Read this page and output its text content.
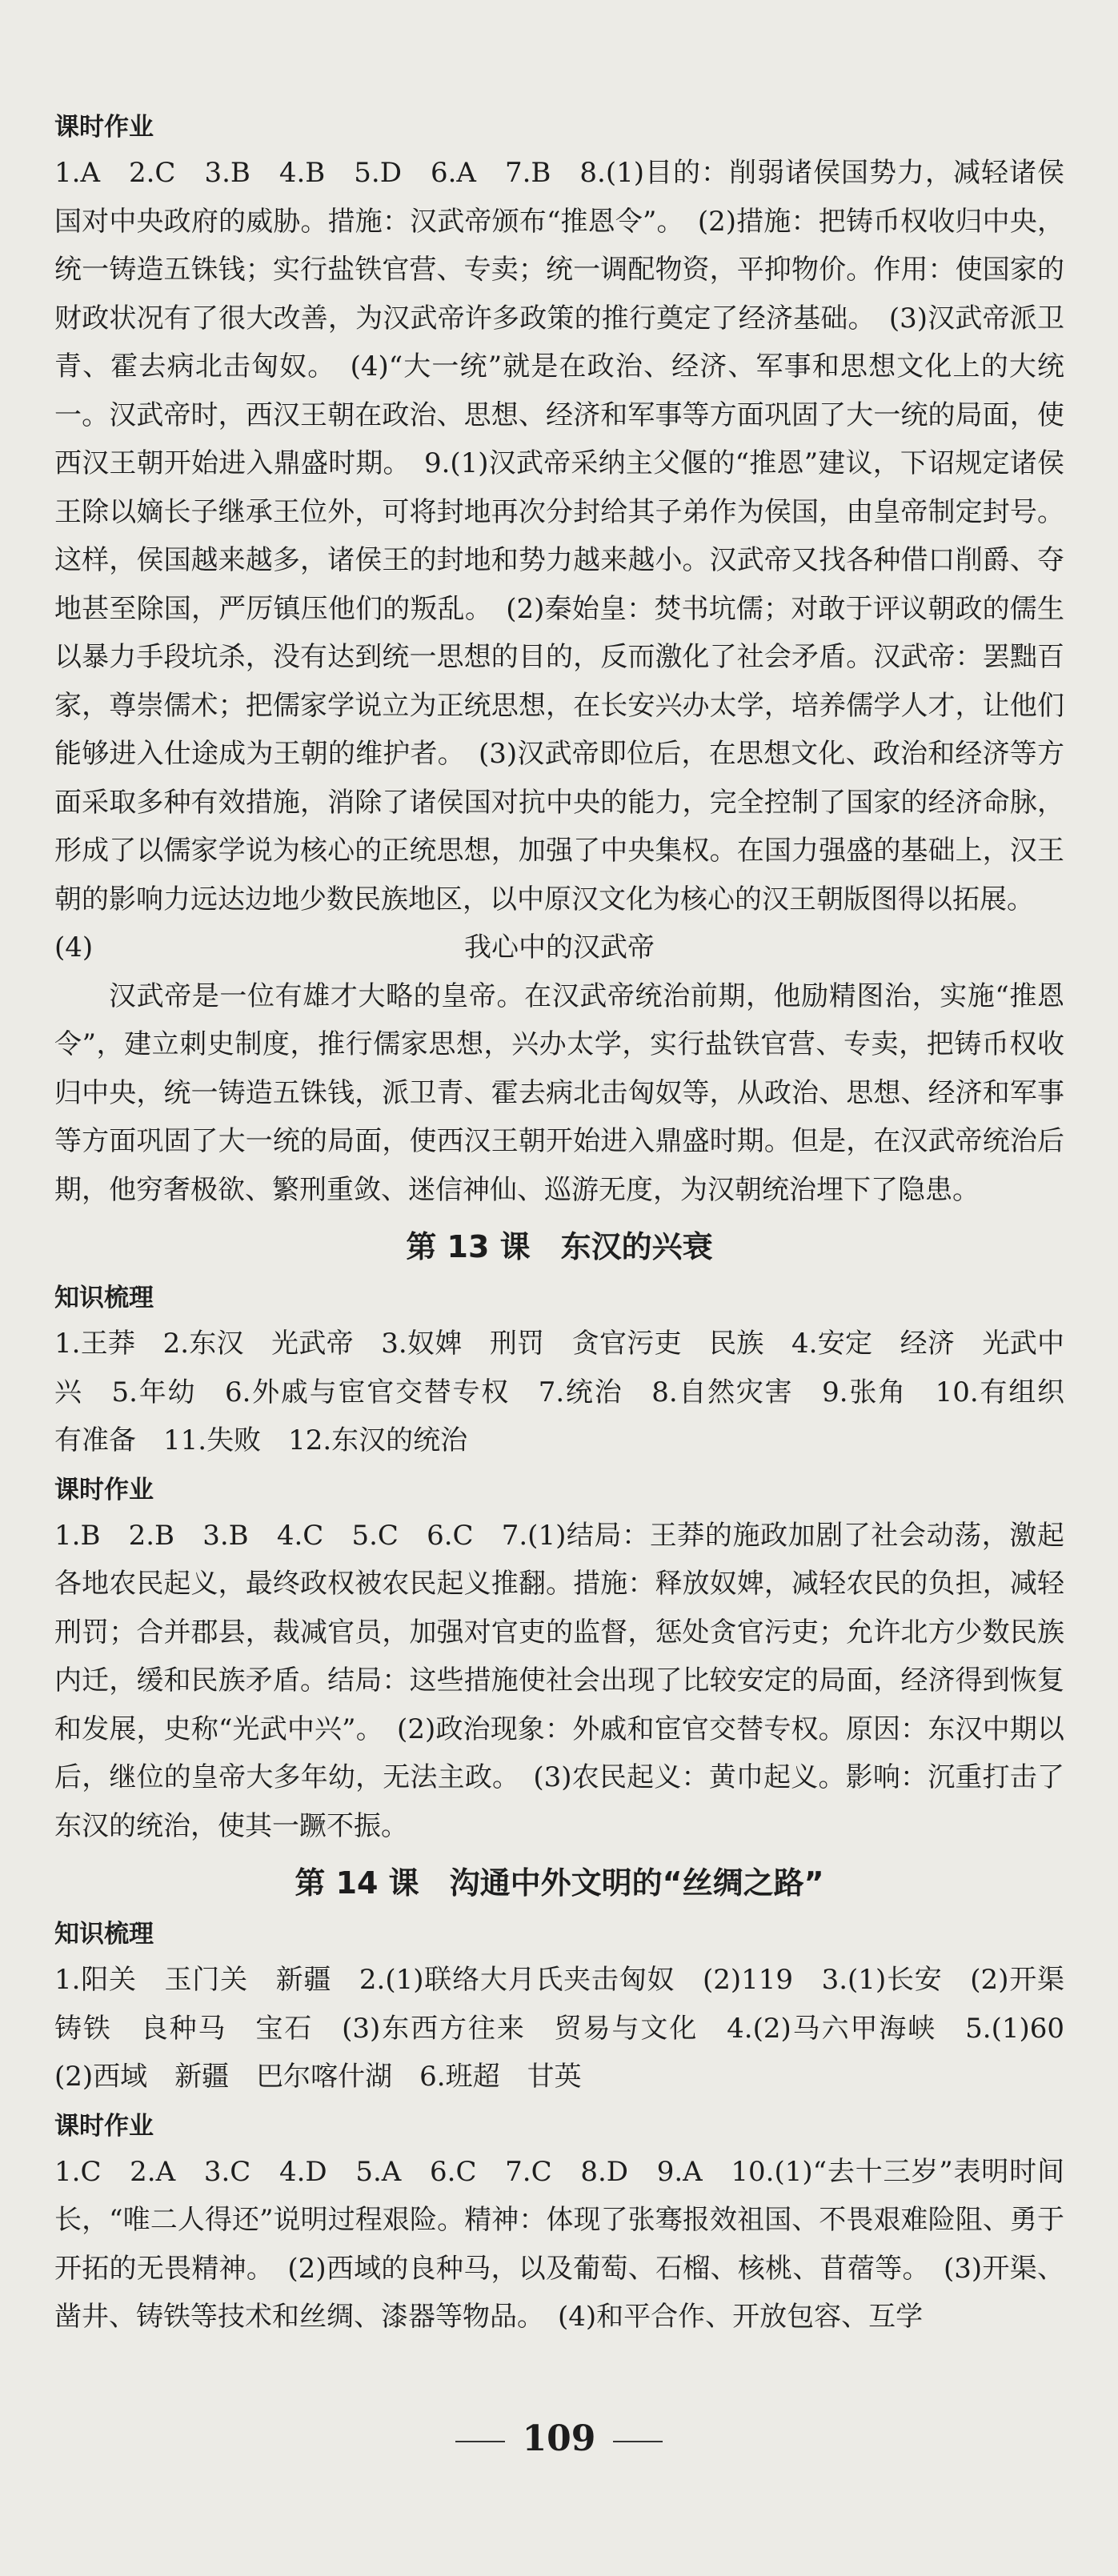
课时作业

1.A　2.C　3.B　4.B　5.D　6.A　7.B　8.(1)目的：削弱诸侯国势力，减轻诸侯国对中央政府的威胁。措施：汉武帝颁布“推恩令”。　(2)措施：把铸币权收归中央，统一铸造五铢钱；实行盐铁官营、专卖；统一调配物资，平抑物价。作用：使国家的财政状况有了很大改善，为汉武帝许多政策的推行奠定了经济基础。　(3)汉武帝派卫青、霍去病北击匈奴。　(4)“大一统”就是在政治、经济、军事和思想文化上的大统一。汉武帝时，西汉王朝在政治、思想、经济和军事等方面巩固了大一统的局面，使西汉王朝开始进入鼎盛时期。　9.(1)汉武帝采纳主父偃的“推恩”建议，下诏规定诸侯王除以嫡长子继承王位外，可将封地再次分封给其子弟作为侯国，由皇帝制定封号。这样，侯国越来越多，诸侯王的封地和势力越来越小。汉武帝又找各种借口削爵、夺地甚至除国，严厉镇压他们的叛乱。　(2)秦始皇：焚书坑儒；对敢于评议朝政的儒生以暴力手段坑杀，没有达到统一思想的目的，反而激化了社会矛盾。汉武帝：罢黜百家，尊崇儒术；把儒家学说立为正统思想，在长安兴办太学，培养儒学人才，让他们能够进入仕途成为王朝的维护者。　(3)汉武帝即位后，在思想文化、政治和经济等方面采取多种有效措施，消除了诸侯国对抗中央的能力，完全控制了国家的经济命脉，形成了以儒家学说为核心的正统思想，加强了中央集权。在国力强盛的基础上，汉王朝的影响力远达边地少数民族地区，以中原汉文化为核心的汉王朝版图得以拓展。

(4)	我心中的汉武帝

汉武帝是一位有雄才大略的皇帝。在汉武帝统治前期，他励精图治，实施“推恩令”，建立刺史制度，推行儒家思想，兴办太学，实行盐铁官营、专卖，把铸币权收归中央，统一铸造五铢钱，派卫青、霍去病北击匈奴等，从政治、思想、经济和军事等方面巩固了大一统的局面，使西汉王朝开始进入鼎盛时期。但是，在汉武帝统治后期，他穷奢极欲、繁刑重敛、迷信神仙、巡游无度，为汉朝统治埋下了隐患。

第 13 课　东汉的兴衰
知识梳理

1.王莽　2.东汉　光武帝　3.奴婢　刑罚　贪官污吏　民族　4.安定　经济　光武中兴　5.年幼　6.外戚与宦官交替专权　7.统治　8.自然灾害　9.张角　10.有组织　有准备　11.失败　12.东汉的统治

课时作业

1.B　2.B　3.B　4.C　5.C　6.C　7.(1)结局：王莽的施政加剧了社会动荡，激起各地农民起义，最终政权被农民起义推翻。措施：释放奴婢，减轻农民的负担，减轻刑罚；合并郡县，裁减官员，加强对官吏的监督，惩处贪官污吏；允许北方少数民族内迁，缓和民族矛盾。结局：这些措施使社会出现了比较安定的局面，经济得到恢复和发展，史称“光武中兴”。　(2)政治现象：外戚和宦官交替专权。原因：东汉中期以后，继位的皇帝大多年幼，无法主政。　(3)农民起义：黄巾起义。影响：沉重打击了东汉的统治，使其一蹶不振。

第 14 课　沟通中外文明的“丝绸之路”
知识梳理

1.阳关　玉门关　新疆　2.(1)联络大月氏夹击匈奴　(2)119　3.(1)长安　(2)开渠　铸铁　良种马　宝石　(3)东西方往来　贸易与文化　4.(2)马六甲海峡　5.(1)60　(2)西域　新疆　巴尔喀什湖　6.班超　甘英

课时作业

1.C　2.A　3.C　4.D　5.A　6.C　7.C　8.D　9.A　10.(1)“去十三岁”表明时间长，“唯二人得还”说明过程艰险。精神：体现了张骞报效祖国、不畏艰难险阻、勇于开拓的无畏精神。　(2)西域的良种马，以及葡萄、石榴、核桃、苜蓿等。　(3)开渠、凿井、铸铁等技术和丝绸、漆器等物品。　(4)和平合作、开放包容、互学

109
